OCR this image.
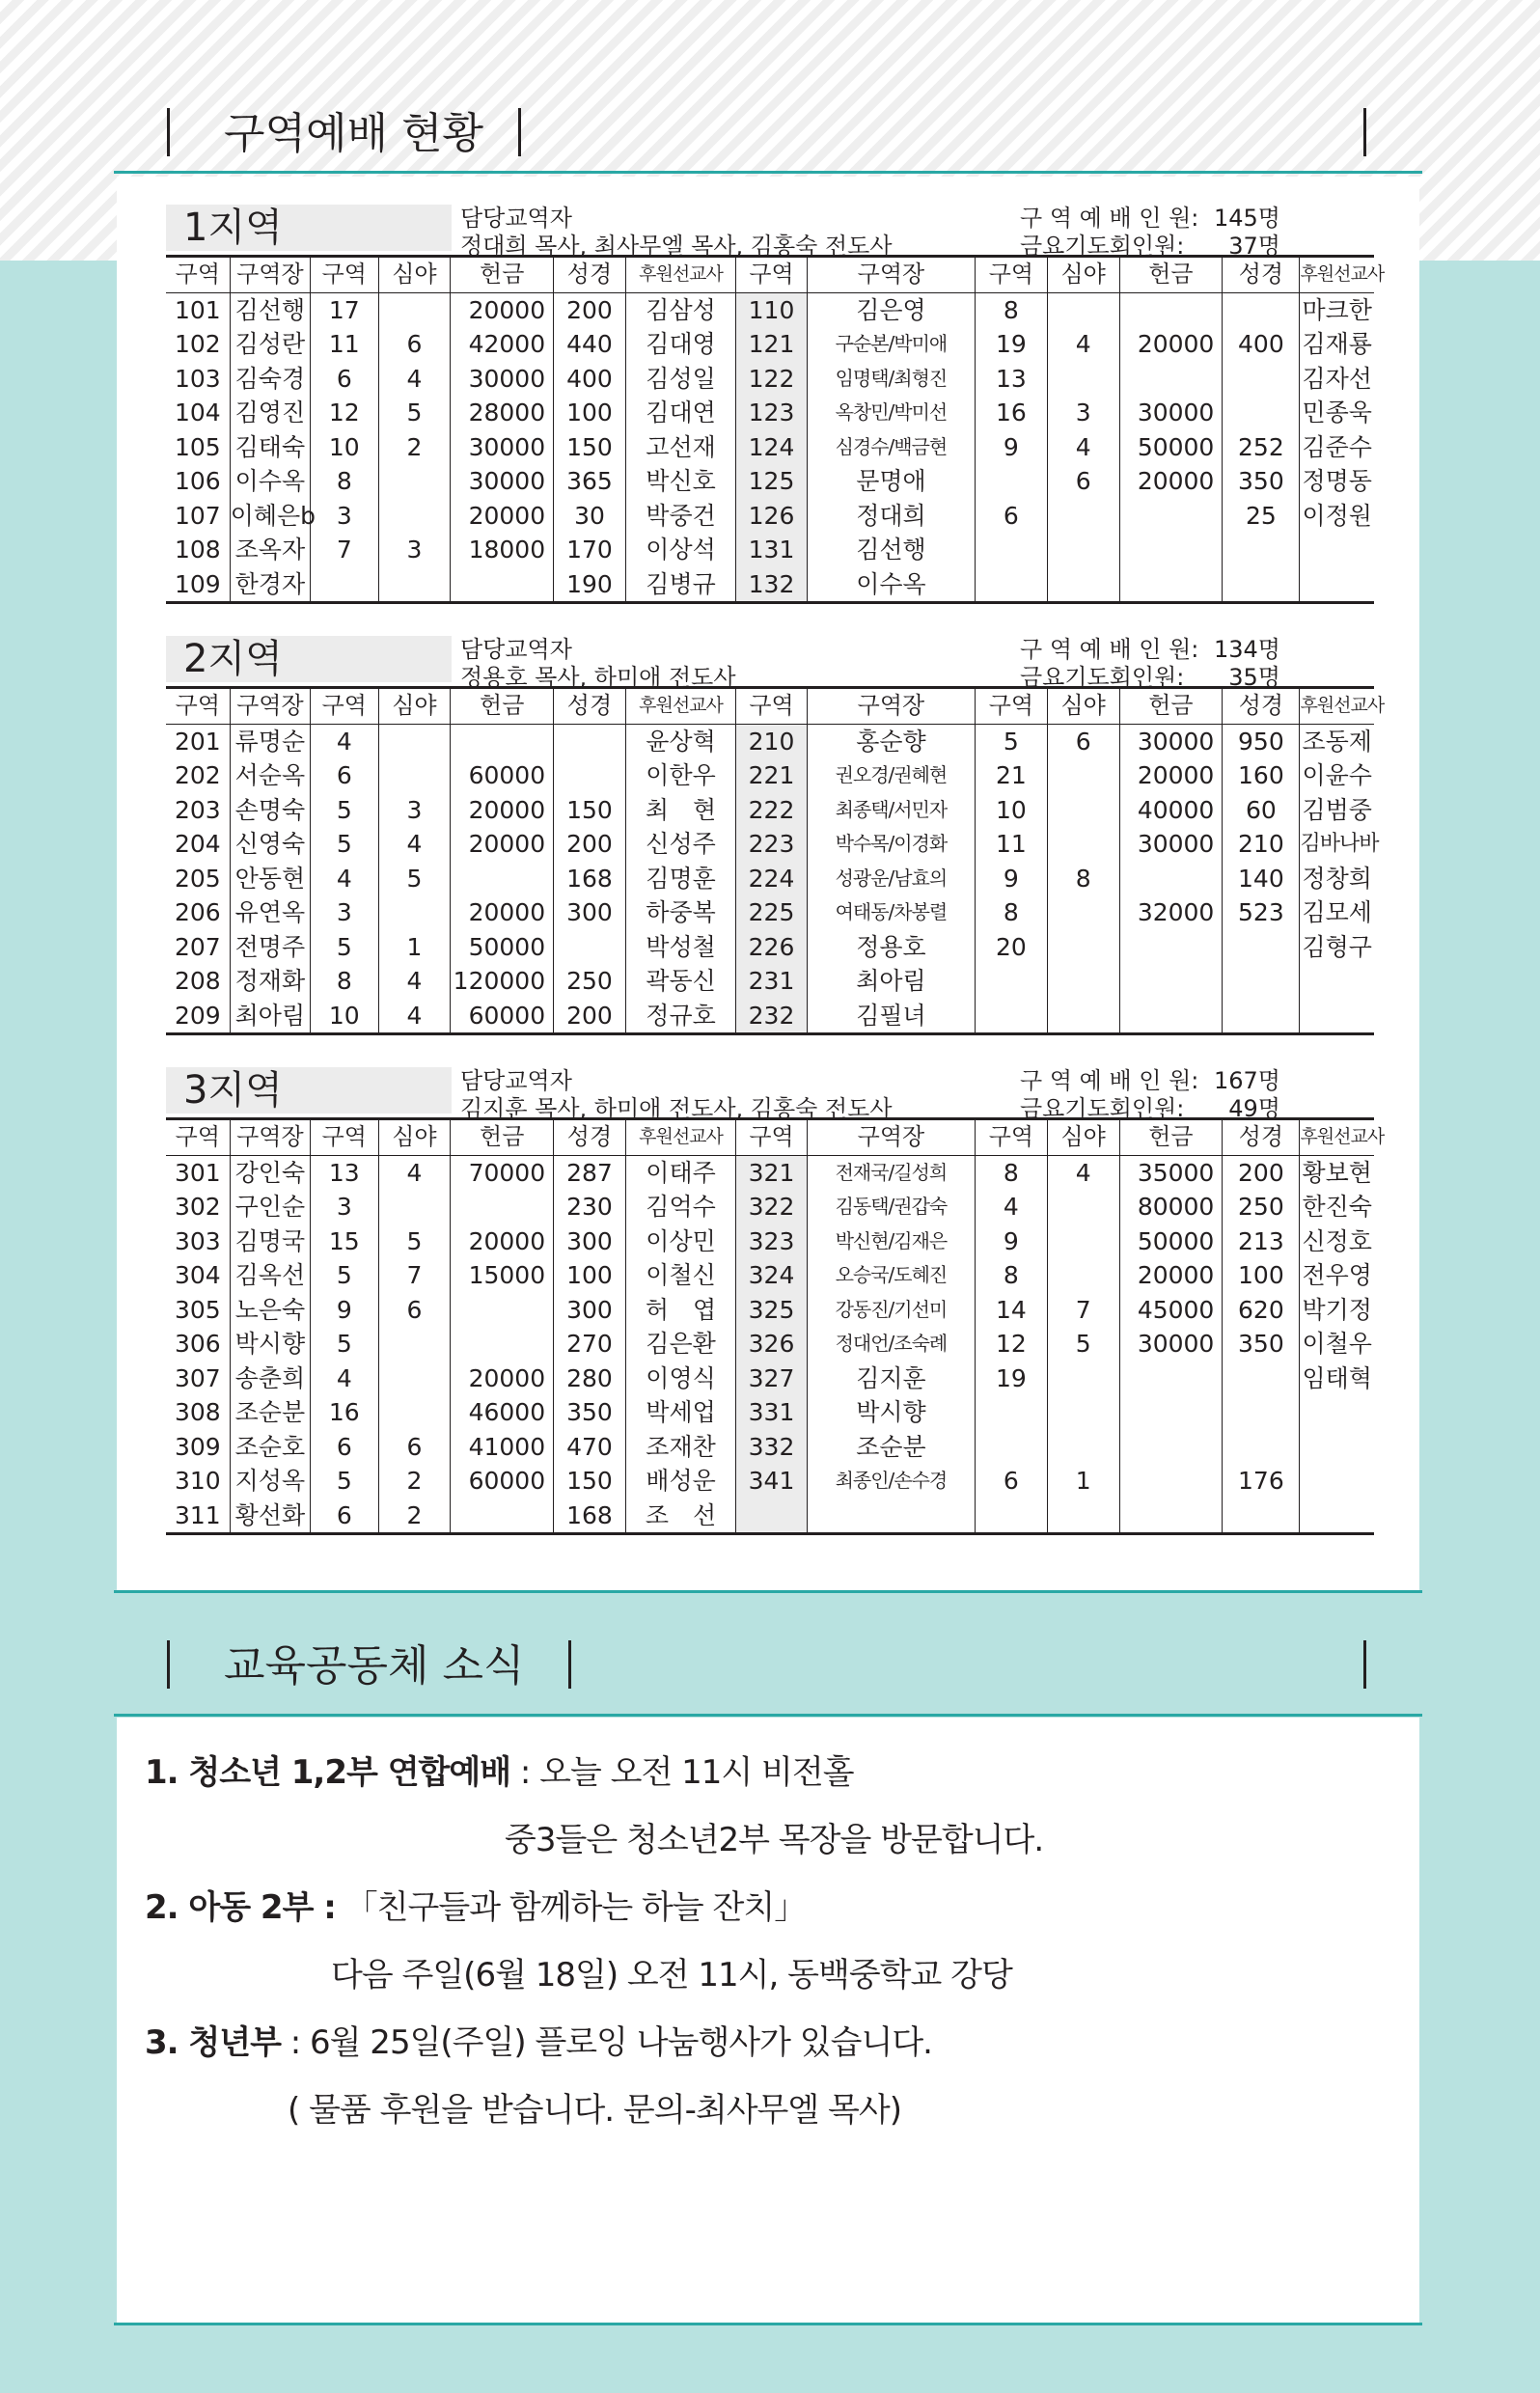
구역예배 현황
1지역	담당교역자
정대희 목사, 최사무엘 목사, 김홍숙 전도사
구 역 예 배 인 원:
금요기도회인원:
145명
37명
구역	구역장	구역	심야	헌금	성경	후원선교사	구역	구역장	구역	심야	헌금	성경	후원선교사
101	김선행	17		20000	200	김삼성	110	김은영	8				마크한
102	김성란	11	6	42000	440	김대영	121	구순본/박미애	19	4	20000	400	김재룡
103	김숙경	6	4	30000	400	김성일	122	임명택/최형진	13				김자선
104	김영진	12	5	28000	100	김대연	123	옥창민/박미선	16	3	30000		민종욱
105	김태숙	10	2	30000	150	고선재	124	심경수/백금현	9	4	50000	252	김준수
106	이수옥	8		30000	365	박신호	125	문명애		6	20000	350	정명동
107	이혜은b	3		20000	30	박중건	126	정대희	6			25	이정원
108	조옥자	7	3	18000	170	이상석	131	김선행					
109	한경자				190	김병규	132	이수옥					
2지역	담당교역자
정용호 목사, 하미애 전도사
구 역 예 배 인 원:
금요기도회인원:
134명
35명
구역	구역장	구역	심야	헌금	성경	후원선교사	구역	구역장	구역	심야	헌금	성경	후원선교사
201	류명순	4				윤상혁	210	홍순향	5	6	30000	950	조동제
202	서순옥	6		60000		이한우	221	권오경/권혜현	21		20000	160	이윤수
203	손명숙	5	3	20000	150	최　현	222	최종택/서민자	10		40000	60	김범중
204	신영숙	5	4	20000	200	신성주	223	박수목/이경화	11		30000	210	김바나바
205	안동현	4	5		168	김명훈	224	성광운/남효의	9	8		140	정창희
206	유연옥	3		20000	300	하중복	225	여태동/차봉렬	8		32000	523	김모세
207	전명주	5	1	50000		박성철	226	정용호	20				김형구
208	정재화	8	4	120000	250	곽동신	231	최아림					
209	최아림	10	4	60000	200	정규호	232	김필녀					
3지역	담당교역자
김지훈 목사, 하미애 전도사, 김홍숙 전도사
구 역 예 배 인 원:
금요기도회인원:
167명
49명
구역	구역장	구역	심야	헌금	성경	후원선교사	구역	구역장	구역	심야	헌금	성경	후원선교사
301	강인숙	13	4	70000	287	이태주	321	전재국/길성희	8	4	35000	200	황보현
302	구인순	3			230	김억수	322	김동택/권갑숙	4		80000	250	한진숙
303	김명국	15	5	20000	300	이상민	323	박신현/김재은	9		50000	213	신정호
304	김옥선	5	7	15000	100	이철신	324	오승국/도혜진	8		20000	100	전우영
305	노은숙	9	6		300	허　엽	325	강동진/기선미	14	7	45000	620	박기정
306	박시향	5			270	김은환	326	정대언/조숙례	12	5	30000	350	이철우
307	송춘희	4		20000	280	이영식	327	김지훈	19				임태혁
308	조순분	16		46000	350	박세업	331	박시향					
309	조순호	6	6	41000	470	조재찬	332	조순분					
310	지성옥	5	2	60000	150	배성운	341	최종인/손수경	6	1		176	
311	황선화	6	2		168	조　선							
교육공동체 소식
1. 청소년 1,2부 연합예배 : 오늘 오전 11시 비전홀
중3들은 청소년2부 목장을 방문합니다.
2. 아동 2부 : 「친구들과 함께하는 하늘 잔치」
다음 주일(6월 18일) 오전 11시, 동백중학교 강당
3. 청년부 : 6월 25일(주일) 플로잉 나눔행사가 있습니다.
( 물품 후원을 받습니다. 문의-최사무엘 목사)
